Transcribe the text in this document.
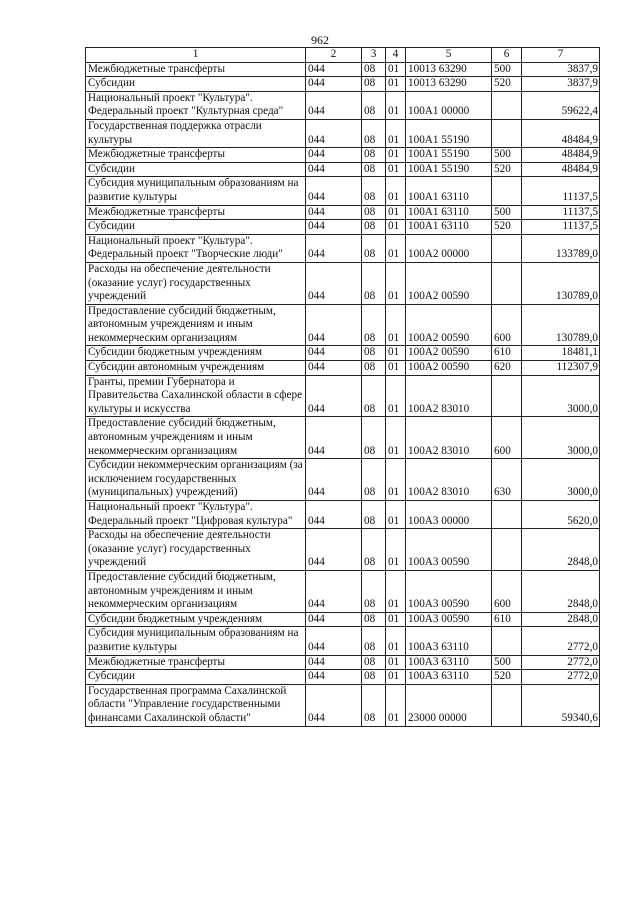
962
1	2	3	4	5	6	7
Межбюджетные трансферты	044	08	01	10013 63290	500	3837,9
Субсидии	044	08	01	10013 63290	520	3837,9
Национальный проект "Культура". Федеральный проект "Культурная среда"	044	08	01	100А1 00000		59622,4
Государственная поддержка отрасли культуры	044	08	01	100А1 55190		48484,9
Межбюджетные трансферты	044	08	01	100А1 55190	500	48484,9
Субсидии	044	08	01	100А1 55190	520	48484,9
Субсидия муниципальным образованиям на развитие культуры	044	08	01	100А1 63110		11137,5
Межбюджетные трансферты	044	08	01	100А1 63110	500	11137,5
Субсидии	044	08	01	100А1 63110	520	11137,5
Национальный проект "Культура". Федеральный проект "Творческие люди"	044	08	01	100А2 00000		133789,0
Расходы на обеспечение деятельности (оказание услуг) государственных учреждений	044	08	01	100А2 00590		130789,0
Предоставление субсидий бюджетным, автономным учреждениям и иным некоммерческим организациям	044	08	01	100А2 00590	600	130789,0
Субсидии бюджетным учреждениям	044	08	01	100А2 00590	610	18481,1
Субсидии автономным учреждениям	044	08	01	100А2 00590	620	112307,9
Гранты, премии Губернатора и Правительства Сахалинской области в сфере культуры и искусства	044	08	01	100А2 83010		3000,0
Предоставление субсидий бюджетным, автономным учреждениям и иным некоммерческим организациям	044	08	01	100А2 83010	600	3000,0
Субсидии некоммерческим организациям (за исключением государственных (муниципальных) учреждений)	044	08	01	100А2 83010	630	3000,0
Национальный проект "Культура". Федеральный проект "Цифровая культура"	044	08	01	100А3 00000		5620,0
Расходы на обеспечение деятельности (оказание услуг) государственных учреждений	044	08	01	100А3 00590		2848,0
Предоставление субсидий бюджетным, автономным учреждениям и иным некоммерческим организациям	044	08	01	100А3 00590	600	2848,0
Субсидии бюджетным учреждениям	044	08	01	100А3 00590	610	2848,0
Субсидия муниципальным образованиям на развитие культуры	044	08	01	100А3 63110		2772,0
Межбюджетные трансферты	044	08	01	100А3 63110	500	2772,0
Субсидии	044	08	01	100А3 63110	520	2772,0
Государственная программа Сахалинской области "Управление государственными финансами Сахалинской области"	044	08	01	23000 00000		59340,6
